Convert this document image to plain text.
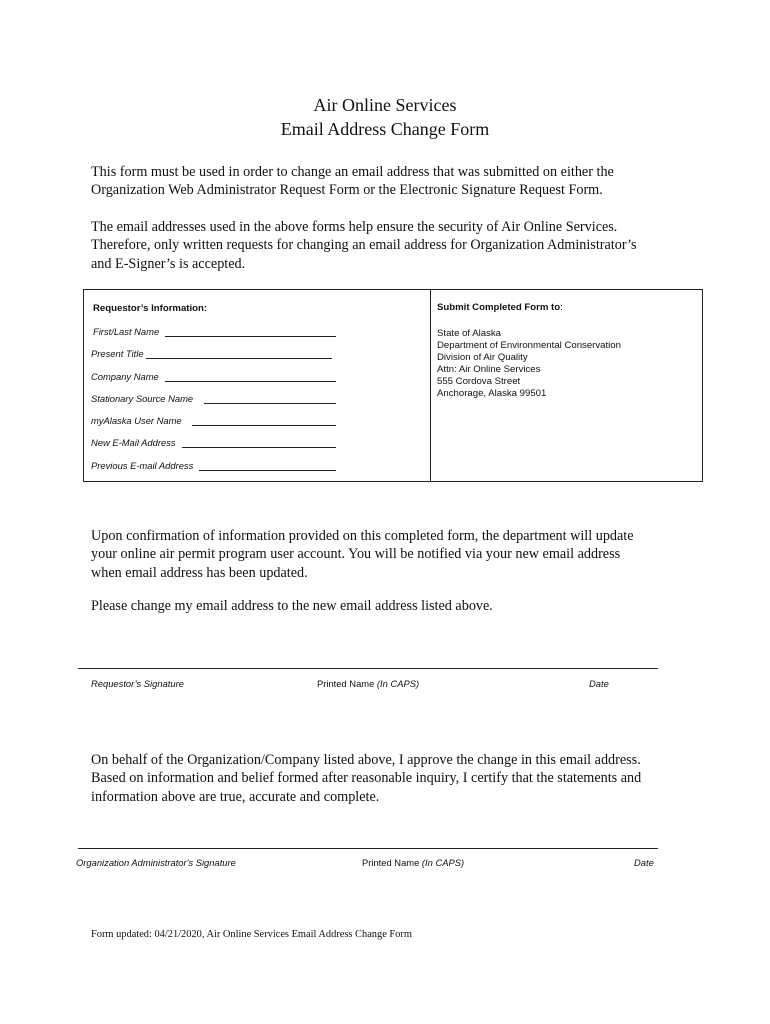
Air Online Services
Email Address Change Form
This form must be used in order to change an email address that was submitted on either the
Organization Web Administrator Request Form or the Electronic Signature Request Form.
The email addresses used in the above forms help ensure the security of Air Online Services.
Therefore, only written requests for changing an email address for Organization Administrator’s
and E-Signer’s is accepted.
Requestor’s Information:
First/Last Name
Present Title
Company Name
Stationary Source Name
myAlaska User Name
New E-Mail Address
Previous E-mail Address
Submit Completed Form to:
State of Alaska
Department of Environmental Conservation
Division of Air Quality
Attn: Air Online Services
555 Cordova Street
Anchorage, Alaska 99501
Upon confirmation of information provided on this completed form, the department will update
your online air permit program user account. You will be notified via your new email address
when email address has been updated.
Please change my email address to the new email address listed above.
Requestor’s Signature	Printed Name (In CAPS)	Date
On behalf of the Organization/Company listed above, I approve the change in this email address.
Based on information and belief formed after reasonable inquiry, I certify that the statements and
information above are true, accurate and complete.
Organization Administrator's Signature	Printed Name (In CAPS)	Date
Form updated: 04/21/2020, Air Online Services Email Address Change Form
